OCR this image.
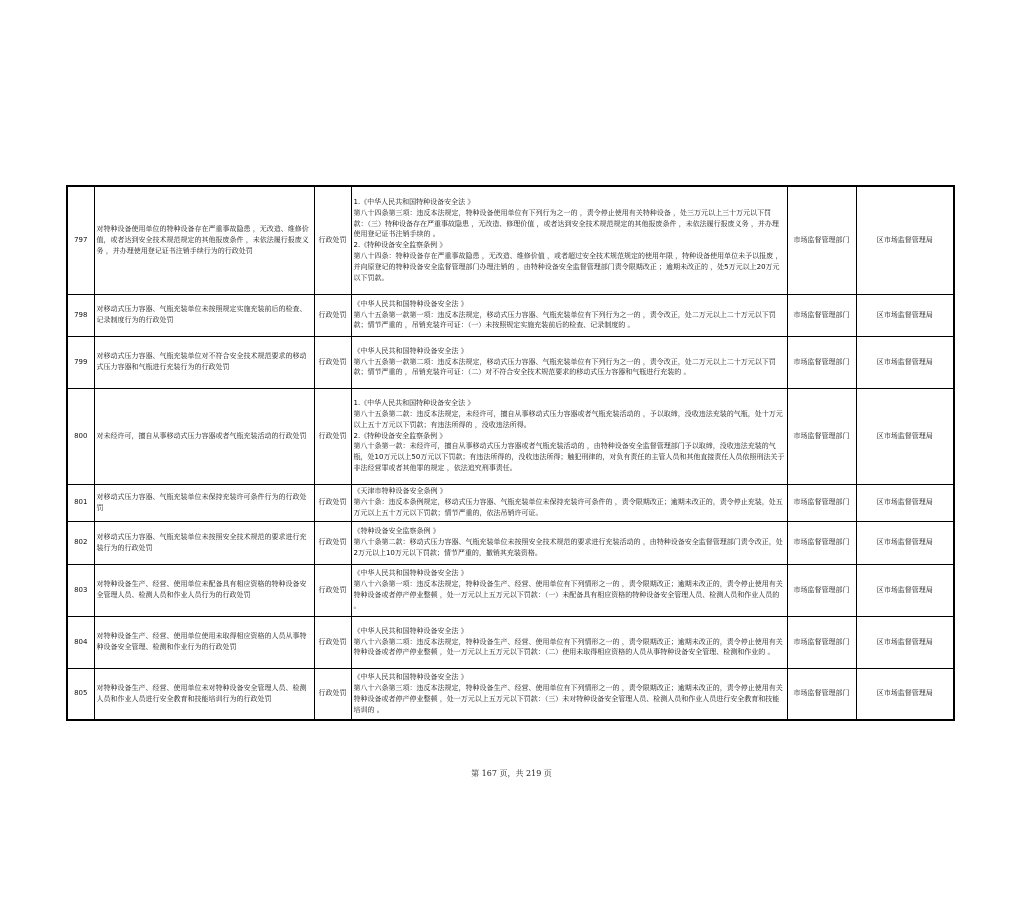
797	对特种设备使用单位的特种设备存在严重事故隐患 ，无改造、维修价值，或者达到安全技术规范规定的其他报废条件 ，未依法履行报废义务 ，并办理使用登记证书注销手续行为的行政处罚	行政处罚	1.《中华人民共和国特种设备安全法 》
第八十四条第三项：违反本法规定，特种设备使用单位有下列行为之一的 ，责令停止使用有关特种设备 ，处三万元以上三十万元以下罚款：（三）特种设备存在严重事故隐患 ，无改造、修理价值 ，或者达到安全技术规范规定的其他报废条件 ，未依法履行报废义务 ，并办理使用登记证书注销手续的 。
2.《特种设备安全监察条例 》
第八十四条：特种设备存在严重事故隐患 ，无改造、维修价值 ，或者超过安全技术规范规定的使用年限 ，特种设备使用单位未予以报废 ，并向原登记的特种设备安全监督管理部门办理注销的 ，由特种设备安全监督管理部门责令限期改正 ；逾期未改正的 ，处5万元以上20万元以下罚款。	市场监督管理部门	区市场监督管理局
798	对移动式压力容器、气瓶充装单位未按照规定实施充装前后的检查、记录制度行为的行政处罚	行政处罚	《中华人民共和国特种设备安全法 》
第八十五条第一款第一项：违反本法规定，移动式压力容器、气瓶充装单位有下列行为之一的 ，责令改正，处二万元以上二十万元以下罚款；情节严重的 ，吊销充装许可证：（一）未按照规定实施充装前后的检查、记录制度的 。	市场监督管理部门	区市场监督管理局
799	对移动式压力容器、气瓶充装单位对不符合安全技术规范要求的移动式压力容器和气瓶进行充装行为的行政处罚	行政处罚	《中华人民共和国特种设备安全法 》
第八十五条第一款第二项：违反本法规定，移动式压力容器、气瓶充装单位有下列行为之一的 ，责令改正，处二万元以上二十万元以下罚款；情节严重的 ，吊销充装许可证：（二）对不符合安全技术规范要求的移动式压力容器和气瓶进行充装的 。	市场监督管理部门	区市场监督管理局
800	对未经许可，擅自从事移动式压力容器或者气瓶充装活动的行政处罚	行政处罚	1.《中华人民共和国特种设备安全法 》
第八十五条第二款：违反本法规定，未经许可，擅自从事移动式压力容器或者气瓶充装活动的 ，予以取缔，没收违法充装的气瓶，处十万元以上五十万元以下罚款；有违法所得的 ，没收违法所得。
2.《特种设备安全监察条例 》
第八十条第一款：未经许可，擅自从事移动式压力容器或者气瓶充装活动的 ，由特种设备安全监督管理部门予以取缔，没收违法充装的气瓶，处10万元以上50万元以下罚款；有违法所得的，没收违法所得；触犯刑律的，对负有责任的主管人员和其他直接责任人员依照刑法关于非法经营罪或者其他罪的规定 ，依法追究刑事责任。	市场监督管理部门	区市场监督管理局
801	对移动式压力容器、气瓶充装单位未保持充装许可条件行为的行政处罚	行政处罚	《天津市特种设备安全条例 》
第六十条：违反本条例规定，移动式压力容器、气瓶充装单位未保持充装许可条件的 ，责令限期改正；逾期未改正的，责令停止充装，处五万元以上五十万元以下罚款；情节严重的，依法吊销许可证。	市场监督管理部门	区市场监督管理局
802	对移动式压力容器、气瓶充装单位未按照安全技术规范的要求进行充装行为的行政处罚	行政处罚	《特种设备安全监察条例 》
第八十条第二款：移动式压力容器、气瓶充装单位未按照安全技术规范的要求进行充装活动的 ，由特种设备安全监督管理部门责令改正，处2万元以上10万元以下罚款；情节严重的，撤销其充装资格。	市场监督管理部门	区市场监督管理局
803	对特种设备生产、经营、使用单位未配备具有相应资格的特种设备安全管理人员、检测人员和作业人员行为的行政处罚	行政处罚	《中华人民共和国特种设备安全法 》
第八十六条第一项：违反本法规定，特种设备生产、经营、使用单位有下列情形之一的 ，责令限期改正；逾期未改正的，责令停止使用有关特种设备或者停产停业整顿 ，处一万元以上五万元以下罚款：（一）未配备具有相应资格的特种设备安全管理人员、检测人员和作业人员的 。	市场监督管理部门	区市场监督管理局
804	对特种设备生产、经营、使用单位使用未取得相应资格的人员从事特种设备安全管理、检测和作业行为的行政处罚	行政处罚	《中华人民共和国特种设备安全法 》
第八十六条第二项：违反本法规定，特种设备生产、经营、使用单位有下列情形之一的 ，责令限期改正；逾期未改正的，责令停止使用有关特种设备或者停产停业整顿 ，处一万元以上五万元以下罚款：（二）使用未取得相应资格的人员从事特种设备安全管理、检测和作业的 。	市场监督管理部门	区市场监督管理局
805	对特种设备生产、经营、使用单位未对特种设备安全管理人员、检测人员和作业人员进行安全教育和技能培训行为的行政处罚	行政处罚	《中华人民共和国特种设备安全法 》
第八十六条第三项：违反本法规定，特种设备生产、经营、使用单位有下列情形之一的 ，责令限期改正；逾期未改正的，责令停止使用有关特种设备或者停产停业整顿 ，处一万元以上五万元以下罚款：（三）未对特种设备安全管理人员、检测人员和作业人员进行安全教育和技能培训的 。	市场监督管理部门	区市场监督管理局
第 167 页，共 219 页
